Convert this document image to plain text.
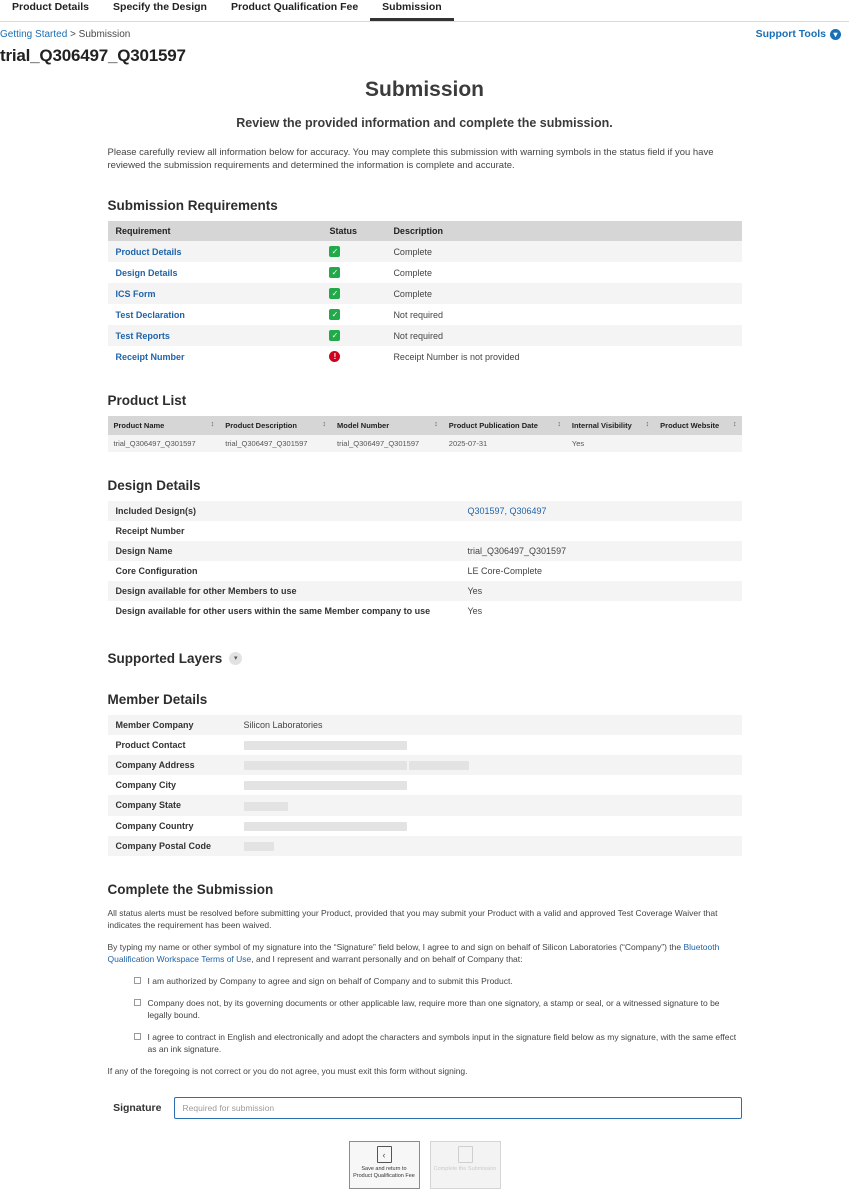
Product Details Specify the Design Product Qualification Fee Submission
Getting Started > Submission	Support Tools ▾
trial_Q306497_Q301597
Submission
Review the provided information and complete the submission.
Please carefully review all information below for accuracy. You may complete this submission with warning symbols in the status field if you have reviewed the submission requirements and determined the information is complete and accurate.
Submission Requirements
Requirement	Status	Description
Product Details	✓	Complete
Design Details	✓	Complete
ICS Form	✓	Complete
Test Declaration	✓	Not required
Test Reports	✓	Not required
Receipt Number	!	Receipt Number is not provided
Product List
Product Name ↕	Product Description ↕	Model Number ↕	Product Publication Date ↕	Internal Visibility ↕	Product Website ↕

trial_Q306497_Q301597	trial_Q306497_Q301597	trial_Q306497_Q301597	2025-07-31	Yes	
Design Details
Included Design(s)	Q301597, Q306497
Receipt Number	
Design Name	trial_Q306497_Q301597
Core Configuration	LE Core-Complete
Design available for other Members to use	Yes
Design available for other users within the same Member company to use	Yes
Supported Layers	▾
Member Details
Member Company	Silicon Laboratories
Product Contact	
Company Address	
Company City	
Company State	
Company Country	
Company Postal Code	
Complete the Submission
All status alerts must be resolved before submitting your Product, provided that you may submit your Product with a valid and approved Test Coverage Waiver that indicates the requirement has been waived.
By typing my name or other symbol of my signature into the “Signature” field below, I agree to and sign on behalf of Silicon Laboratories (“Company”) the Bluetooth Qualification Workspace Terms of Use, and I represent and warrant personally and on behalf of Company that:
I am authorized by Company to agree and sign on behalf of Company and to submit this Product.
Company does not, by its governing documents or other applicable law, require more than one signatory, a stamp or seal, or a witnessed signature to be legally bound.
I agree to contract in English and electronically and adopt the characters and symbols input in the signature field below as my signature, with the same effect as an ink signature.
If any of the foregoing is not correct or you do not agree, you must exit this form without signing.
Signature
Required for submission
‹
Save and return to Product Qualification Fee
Complete the Submission
